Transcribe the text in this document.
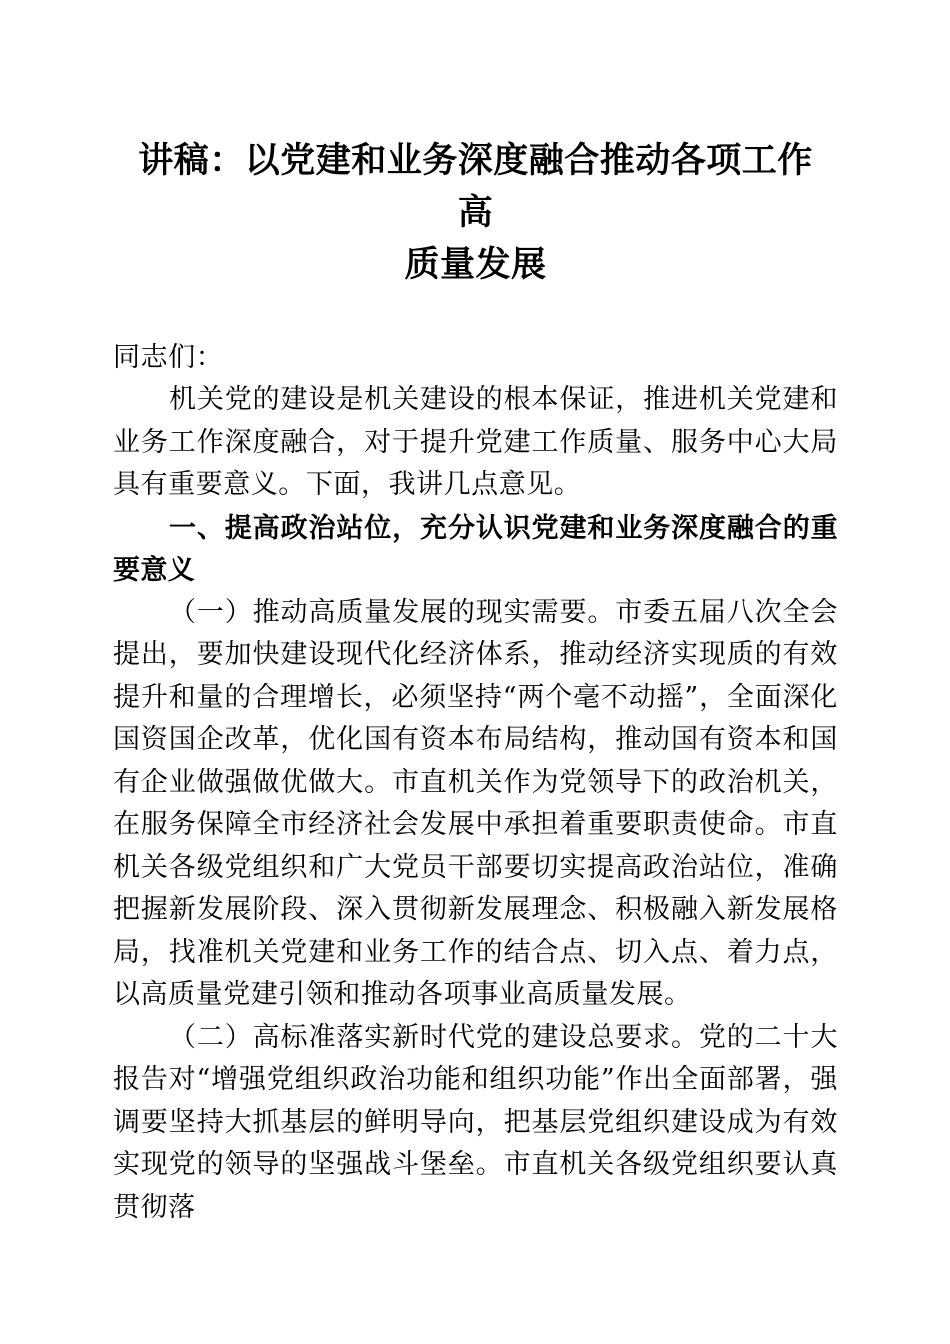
讲稿：以党建和业务深度融合推动各项工作高
质量发展

同志们：

机关党的建设是机关建设的根本保证，推进机关党建和业务工作深度融合，对于提升党建工作质量、服务中心大局具有重要意义。下面，我讲几点意见。

一、提高政治站位，充分认识党建和业务深度融合的重要意义

（一）推动高质量发展的现实需要。市委五届八次全会提出，要加快建设现代化经济体系，推动经济实现质的有效提升和量的合理增长，必须坚持“两个毫不动摇”，全面深化国资国企改革，优化国有资本布局结构，推动国有资本和国有企业做强做优做大。市直机关作为党领导下的政治机关，在服务保障全市经济社会发展中承担着重要职责使命。市直机关各级党组织和广大党员干部要切实提高政治站位，准确把握新发展阶段、深入贯彻新发展理念、积极融入新发展格局，找准机关党建和业务工作的结合点、切入点、着力点，以高质量党建引领和推动各项事业高质量发展。

（二）高标准落实新时代党的建设总要求。党的二十大报告对“增强党组织政治功能和组织功能”作出全面部署，强调要坚持大抓基层的鲜明导向，把基层党组织建设成为有效实现党的领导的坚强战斗堡垒。市直机关各级党组织要认真贯彻落
